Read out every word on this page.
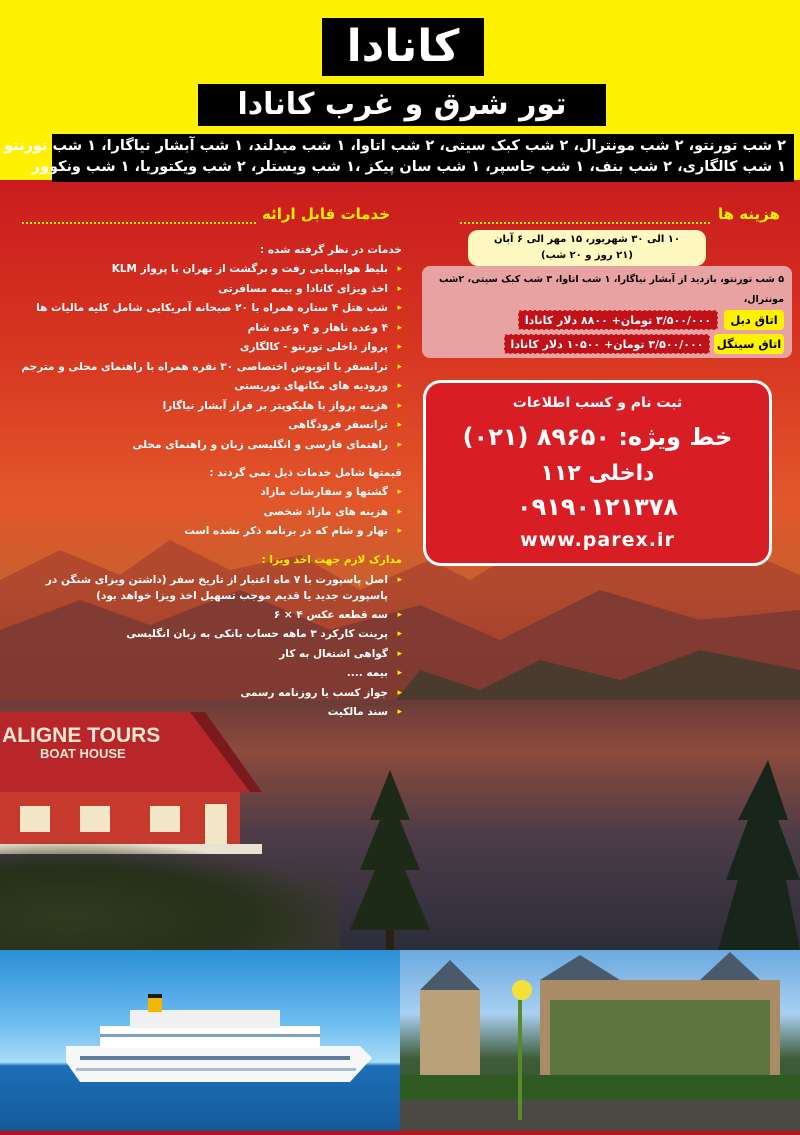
کانادا
تور شرق و غرب کانادا
۲ شب تورنتو، ۲ شب مونترال، ۲ شب کبک سیتی، ۲ شب اتاوا، ۱ شب میدلند، ۱ شب آبشار نیاگارا، ۱ شب تورنتو
۱ شب کالگاری، ۲ شب بنف، ۱ شب جاسپر، ۱ شب سان پیکز ،۱ شب ویستلر، ۲ شب ویکتوریا، ۱ شب ونکوور
ALIGNE TOURS
BOAT HOUSE
هزینه ها
۱۰ الی ۳۰ شهریور، ۱۵ مهر الی ۶ آبان
(۲۱ روز و ۲۰ شب)
۵ شب تورنتو، بازدید از آبشار نیاگارا، ۱ شب اتاوا، ۳ شب کبک سیتی، ۲شب مونترال،
اتاق دبل
۳/۵۰۰/۰۰۰ تومان+ ۸۸۰۰ دلار کانادا
اتاق سینگل
۳/۵۰۰/۰۰۰ تومان+ ۱۰۵۰۰ دلار کانادا
ثبت نام و کسب اطلاعات
خط ویژه: ۸۹۶۵۰ (۰۲۱)
داخلی ۱۱۲
۰۹۱۹۰۱۲۱۳۷۸
www.parex.ir
خدمات قابل ارائه
خدمات در نظر گرفته شده :
▸ بلیط هواپیمایی رفت و برگشت از تهران با پرواز KLM
▸ اخذ ویزای کانادا و بیمه مسافرتی
▸ شب هتل ۴ ستاره همراه با ۲۰ صبحانه آمریکایی شامل کلیه مالیات ها
▸ ۴ وعده ناهار و ۴ وعده شام
▸ پرواز داخلی تورنتو - کالگاری
▸ ترانسفر با اتوبوس اختصاصی ۳۰ نفره همراه با راهنمای محلی و مترجم
▸ ورودیه های مکانهای توریستی
▸ هزینه پرواز با هلیکوپتر بر فراز آبشار نیاگارا
▸ ترانسفر فرودگاهی
▸ راهنمای فارسی و انگلیسی زبان و راهنمای محلی
قیمتها شامل خدمات ذیل نمی گردند :
▸ گشتها و سفارشات مازاد
▸ هزینه های مازاد شخصی
▸ نهار و شام که در برنامه ذکر نشده است
مدارک لازم جهت اخذ ویزا :
▸ اصل پاسپورت با ۷ ماه اعتبار از تاریخ سفر (داشتن ویزای شنگن در پاسپورت جدید یا قدیم موجب تسهیل اخذ ویزا خواهد بود)
▸ سه قطعه عکس ۴ × ۶
▸ پرینت کارکرد ۳ ماهه حساب بانکی به زبان انگلیسی
▸ گواهی اشتغال به کار
▸ بیمه ....
▸ جواز کسب یا روزنامه رسمی
▸ سند مالکیت
